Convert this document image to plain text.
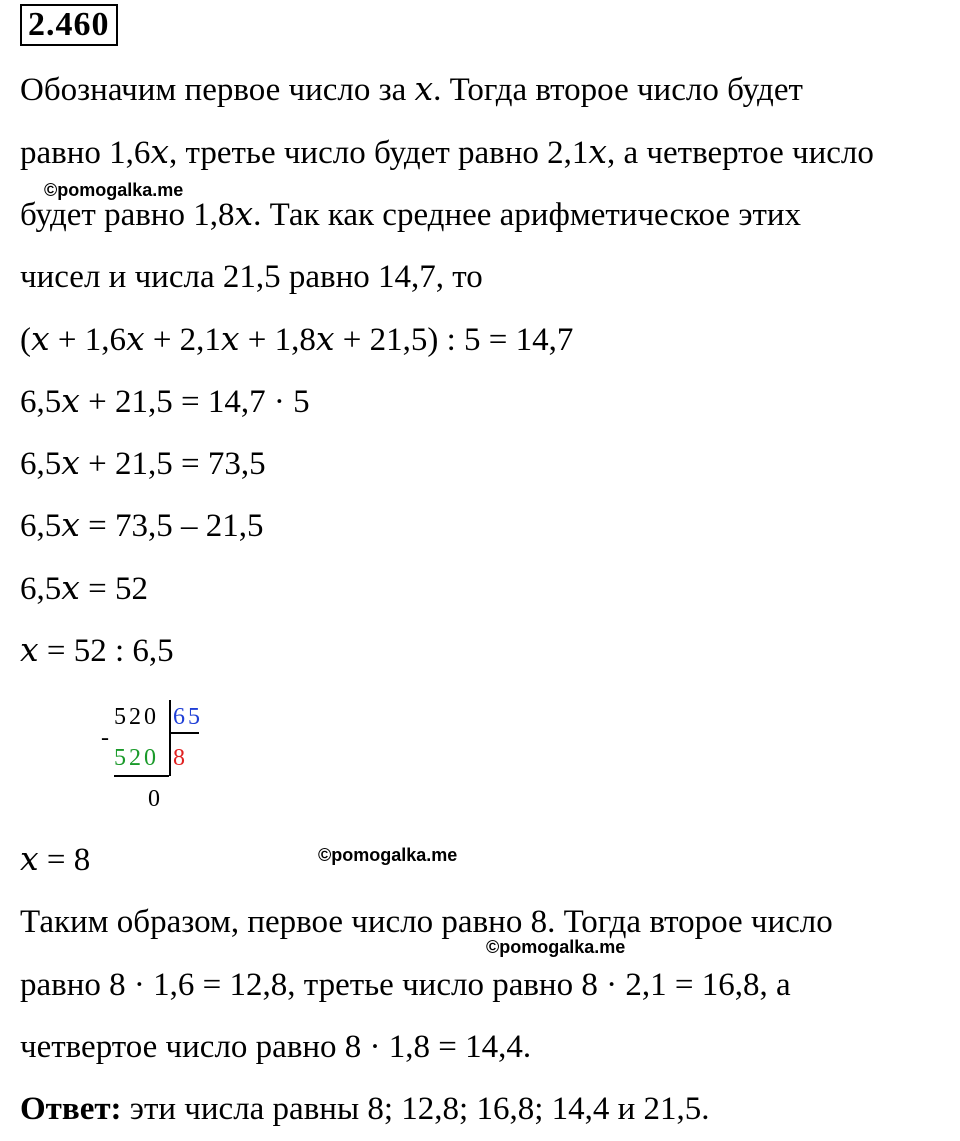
2.460
Обозначим первое число за 𝑥. Тогда второе число будет
равно 1,6𝑥, третье число будет равно 2,1𝑥, а четвертое число
©pomogalka.me
будет равно 1,8𝑥. Так как среднее арифметическое этих
чисел и числа 21,5 равно 14,7, то
(𝑥 + 1,6𝑥 + 2,1𝑥 + 1,8𝑥 + 21,5) : 5 = 14,7
6,5𝑥 + 21,5 = 14,7 · 5
6,5𝑥 + 21,5 = 73,5
6,5𝑥 = 73,5 – 21,5
6,5𝑥 = 52
𝑥 = 52 : 6,5
520 65
-
520 8
0
𝑥 = 8	©pomogalka.me
Таким образом, первое число равно 8. Тогда второе число
©pomogalka.me
равно 8 · 1,6 = 12,8, третье число равно 8 · 2,1 = 16,8, а
четвертое число равно 8 · 1,8 = 14,4.
Ответ: эти числа равны 8; 12,8; 16,8; 14,4 и 21,5.
